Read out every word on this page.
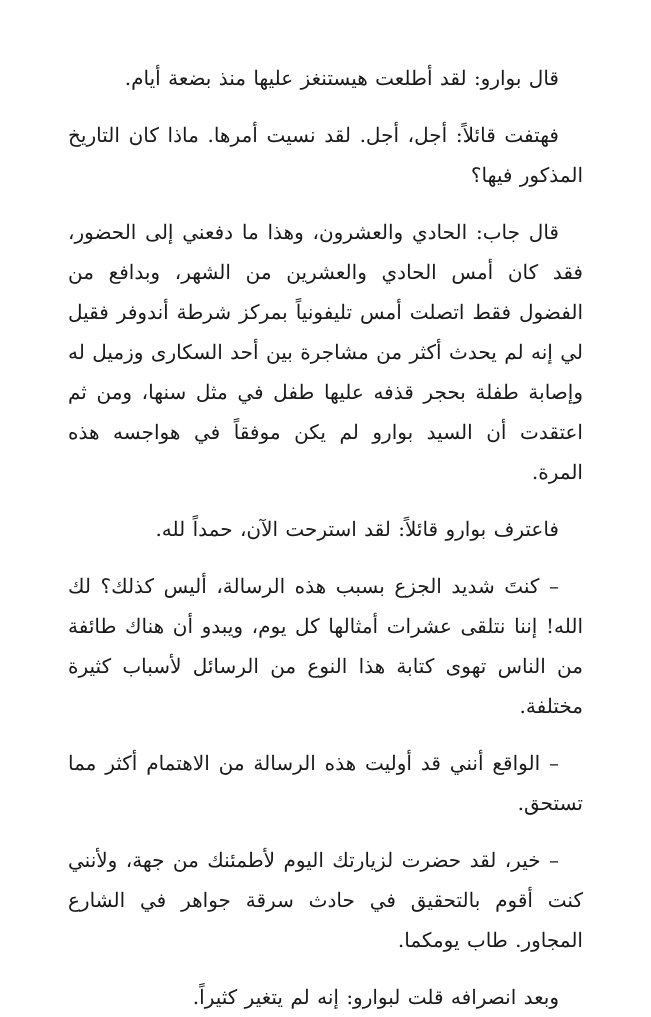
قال بوارو: لقد أطلعت هيستنغز عليها منذ بضعة أيام.

فهتفت قائلاً: أجل، أجل. لقد نسيت أمرها. ماذا كان التاريخ المذكور فيها؟

قال جاب: الحادي والعشرون، وهذا ما دفعني إلى الحضور، فقد كان أمس الحادي والعشرين من الشهر، وبدافع من الفضول فقط اتصلت أمس تليفونياً بمركز شرطة أندوفر فقيل لي إنه لم يحدث أكثر من مشاجرة بين أحد السكارى وزميل له وإصابة طفلة بحجر قذفه عليها طفل في مثل سنها، ومن ثم اعتقدت أن السيد بوارو لم يكن موفقاً في هواجسه هذه المرة.

فاعترف بوارو قائلاً: لقد استرحت الآن، حمداً لله.

– كنتَ شديد الجزع بسبب هذه الرسالة، أليس كذلك؟ لك الله! إننا نتلقى عشرات أمثالها كل يوم، ويبدو أن هناك طائفة من الناس تهوى كتابة هذا النوع من الرسائل لأسباب كثيرة مختلفة.

– الواقع أنني قد أوليت هذه الرسالة من الاهتمام أكثر مما تستحق.

– خير، لقد حضرت لزيارتك اليوم لأطمئنك من جهة، ولأنني كنت أقوم بالتحقيق في حادث سرقة جواهر في الشارع المجاور. طاب يومكما.

وبعد انصرافه قلت لبوارو: إنه لم يتغير كثيراً.
